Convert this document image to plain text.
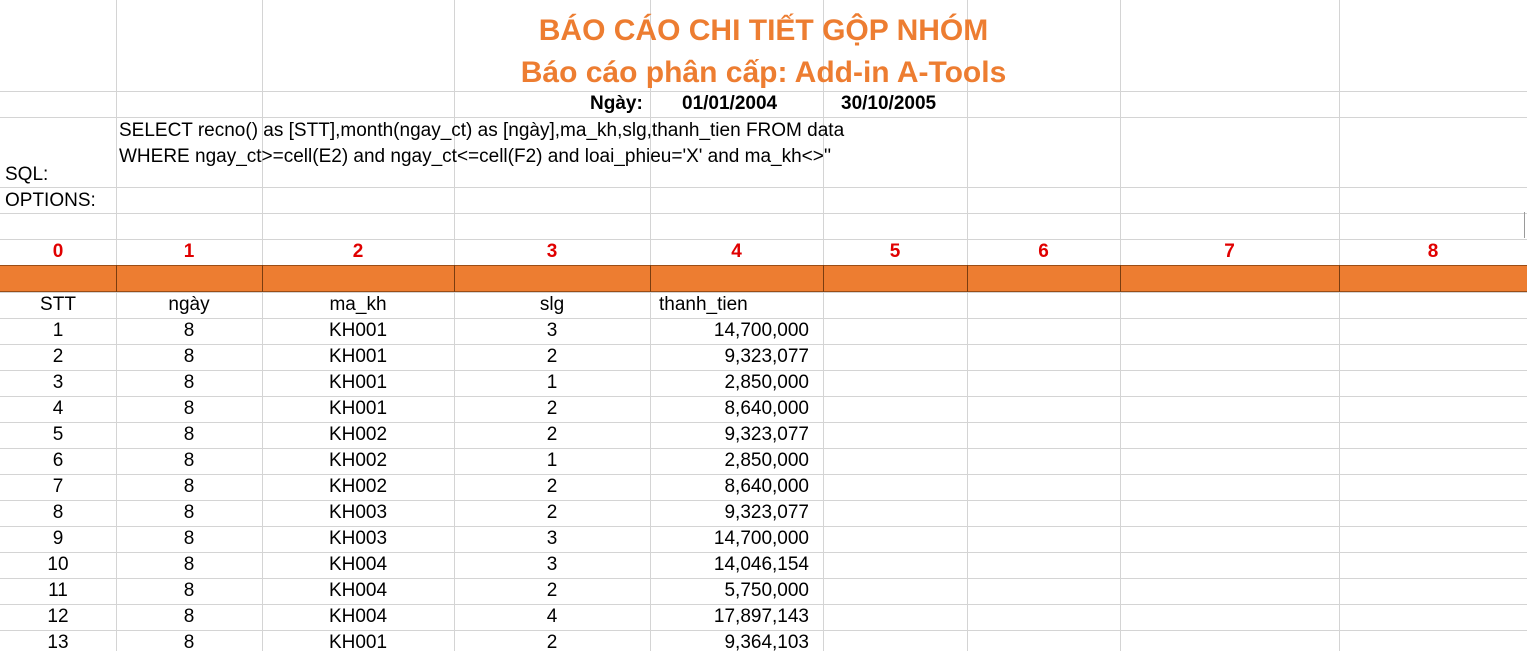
BÁO CÁO CHI TIẾT GỘP NHÓM
Báo cáo phân cấp: Add-in A-Tools
Ngày: 01/01/2004	30/10/2005
SELECT recno() as [STT],month(ngay_ct) as [ngày],ma_kh,slg,thanh_tien FROM data
WHERE ngay_ct>=cell(E2) and ngay_ct<=cell(F2) and loai_phieu='X' and ma_kh<>''
SQL:
OPTIONS:
0	1	2	3	4	5	6	7	8
STT	ngày	ma_kh	slg	thanh_tien
1	8	KH001	3	14,700,000
2	8	KH001	2	9,323,077
3	8	KH001	1	2,850,000
4	8	KH001	2	8,640,000
5	8	KH002	2	9,323,077
6	8	KH002	1	2,850,000
7	8	KH002	2	8,640,000
8	8	KH003	2	9,323,077
9	8	KH003	3	14,700,000
10	8	KH004	3	14,046,154
11	8	KH004	2	5,750,000
12	8	KH004	4	17,897,143
13	8	KH001	2	9,364,103
